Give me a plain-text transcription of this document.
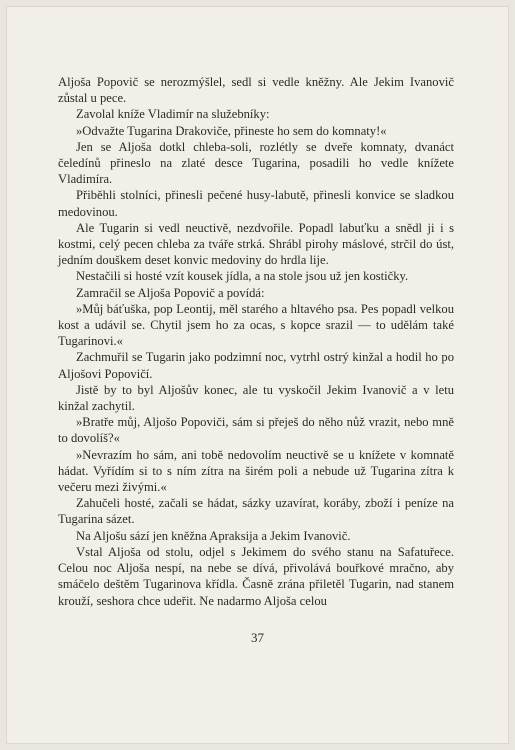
Aljoša Popovič se nerozmýšlel, sedl si vedle kněžny. Ale Jekim Ivanovič zůstal u pece.

Zavolal kníže Vladimír na služebníky:

»Odvažte Tugarina Drakoviče, přineste ho sem do komnaty!«

Jen se Aljoša dotkl chleba-soli, rozlétly se dveře komnaty, dvanáct čeledínů přineslo na zlaté desce Tugarina, posadili ho vedle knížete Vladimíra.

Přiběhli stolníci, přinesli pečené husy-labutě, přinesli konvice se sladkou medovinou.

Ale Tugarin si vedl neuctivě, nezdvořile. Popadl labuťku a snědl ji i s kostmi, celý pecen chleba za tváře strká. Shrábl pirohy máslové, strčil do úst, jedním douškem deset konvic medoviny do hrdla lije.

Nestačili si hosté vzít kousek jídla, a na stole jsou už jen kostičky.

Zamračil se Aljoša Popovič a povídá:

»Můj báťuška, pop Leontij, měl starého a hltavého psa. Pes popadl velkou kost a udávil se. Chytil jsem ho za ocas, s kopce srazil — to udělám také Tugarinovi.«

Zachmuřil se Tugarin jako podzimní noc, vytrhl ostrý kinžal a hodil ho po Aljošovi Popovičí.

Jistě by to byl Aljošův konec, ale tu vyskočil Jekim Ivanovič a v letu kinžal zachytil.

»Bratře můj, Aljošo Popoviči, sám si přeješ do něho nůž vrazit, nebo mně to dovolíš?«

»Nevrazím ho sám, ani tobě nedovolím neuctivě se u knížete v komnatě hádat. Vyřídím si to s ním zítra na širém poli a nebude už Tugarina zítra k večeru mezi živými.«

Zahučeli hosté, začali se hádat, sázky uzavírat, koráby, zboží i peníze na Tugarina sázet.

Na Aljošu sází jen kněžna Apraksija a Jekim Ivanovič.

Vstal Aljoša od stolu, odjel s Jekimem do svého stanu na Safatuřece. Celou noc Aljoša nespí, na nebe se dívá, přivolává bouřkové mračno, aby smáčelo deštěm Tugarinova křídla. Časně zrána přiletěl Tugarin, nad stanem krouží, seshora chce udeřit. Ne nadarmo Aljoša celou

37
